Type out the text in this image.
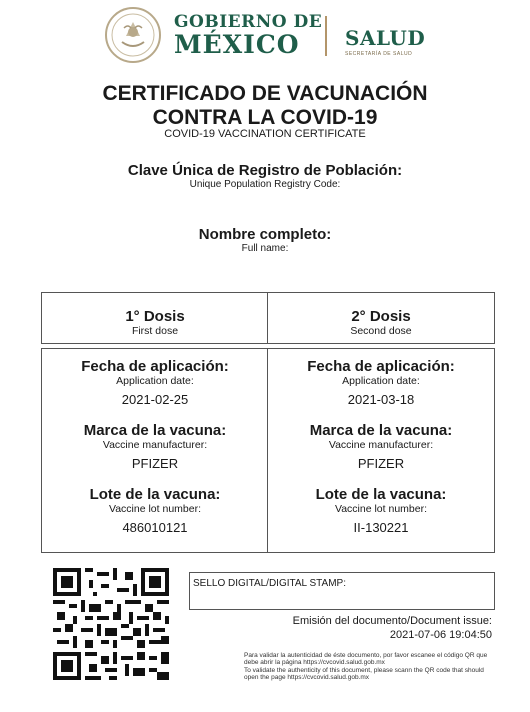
GOBIERNO DE
MÉXICO SALUD
SECRETARÍA DE SALUD
CERTIFICADO DE VACUNACIÓN
CONTRA LA COVID-19
COVID-19 VACCINATION CERTIFICATE
Clave Única de Registro de Población:
Unique Population Registry Code:
Nombre completo:
Full name:
1° Dosis
First dose
2° Dosis
Second dose
Fecha de aplicación:
Application date:
2021-02-25
Marca de la vacuna:
Vaccine manufacturer:
PFIZER
Lote de la vacuna:
Vaccine lot number:
486010121
Fecha de aplicación:
Application date:
2021-03-18
Marca de la vacuna:
Vaccine manufacturer:
PFIZER
Lote de la vacuna:
Vaccine lot number:
II-130221
SELLO DIGITAL/DIGITAL STAMP:
Emisión del documento/Document issue:
2021-07-06 19:04:50
Para validar la autenticidad de éste documento, por favor escanee el código QR que debe abrir la página https://cvcovid.salud.gob.mx
To validate the authenticity of this document, please scann the QR code that should open the page https://cvcovid.salud.gob.mx
